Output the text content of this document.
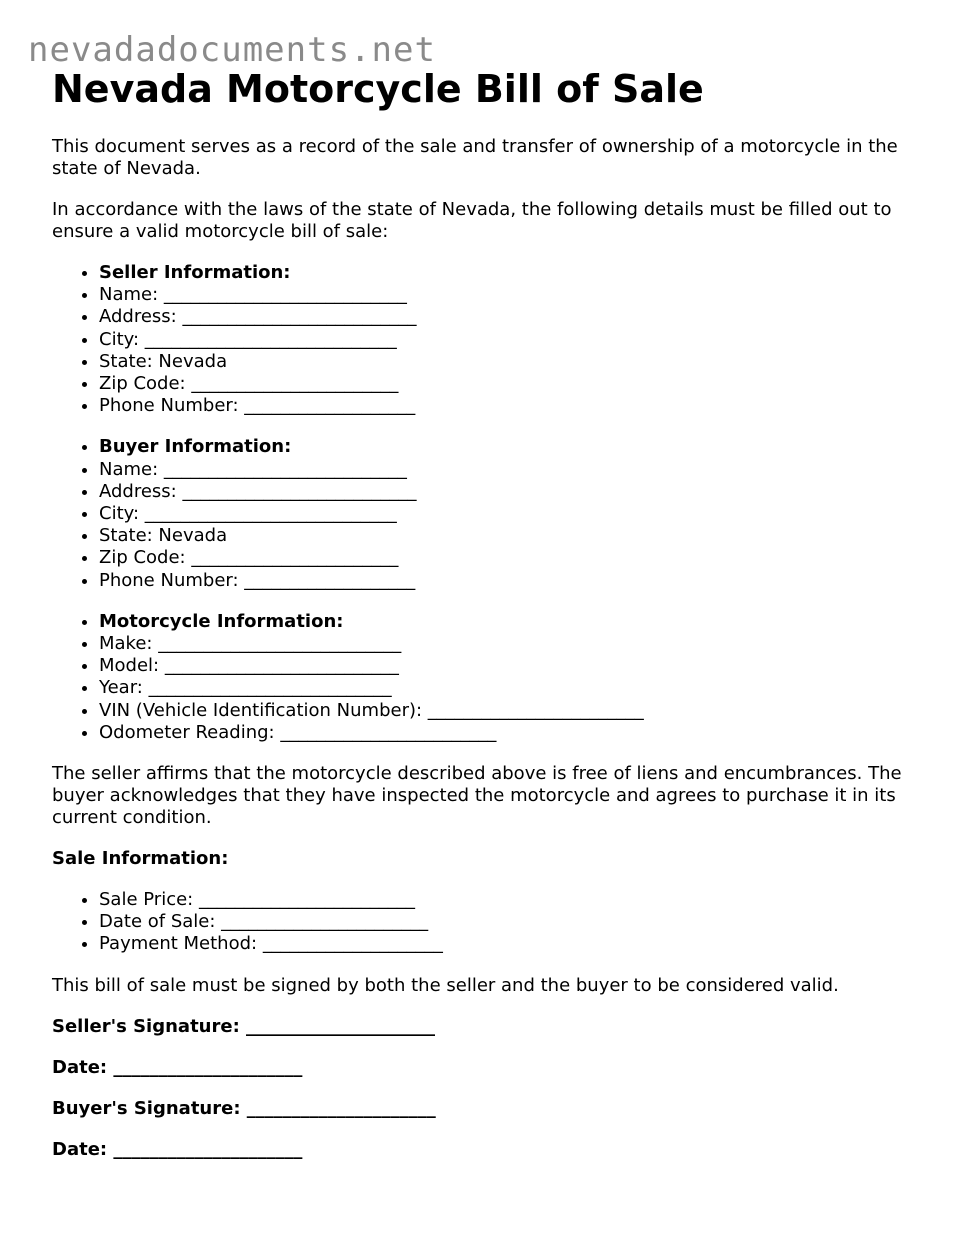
nevadadocuments.net
Nevada Motorcycle Bill of Sale

This document serves as a record of the sale and transfer of ownership of a motorcycle in the state of Nevada.

In accordance with the laws of the state of Nevada, the following details must be filled out to ensure a valid motorcycle bill of sale:

• Seller Information:
• Name: ___________________________
• Address: __________________________
• City: ____________________________
• State: Nevada
• Zip Code: _______________________
• Phone Number: ___________________
• Buyer Information:
• Name: ___________________________
• Address: __________________________
• City: ____________________________
• State: Nevada
• Zip Code: _______________________
• Phone Number: ___________________
• Motorcycle Information:
• Make: ___________________________
• Model: __________________________
• Year: ___________________________
• VIN (Vehicle Identification Number): ________________________
• Odometer Reading: ________________________

The seller affirms that the motorcycle described above is free of liens and encumbrances. The buyer acknowledges that they have inspected the motorcycle and agrees to purchase it in its current condition.

Sale Information:

• Sale Price: ________________________
• Date of Sale: _______________________
• Payment Method: ____________________

This bill of sale must be signed by both the seller and the buyer to be considered valid.

Seller's Signature: _____________________

Date: _____________________

Buyer's Signature: _____________________

Date: _____________________
